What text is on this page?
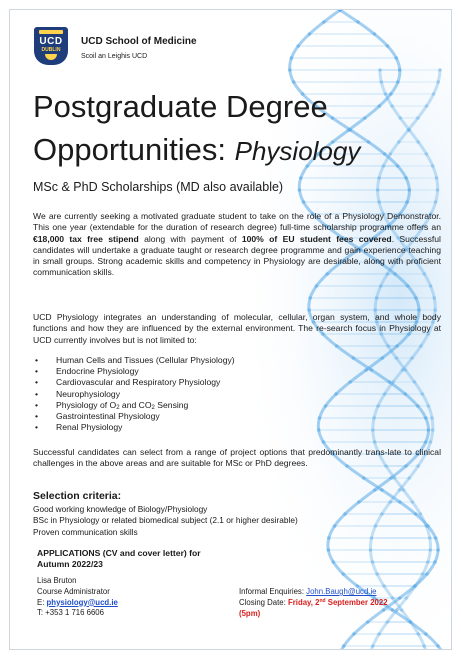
UCD
DUBLIN
UCD School of Medicine
Scoil an Leighis UCD
Postgraduate Degree
Opportunities: Physiology
MSc & PhD Scholarships (MD also available)
We are currently seeking a motivated graduate student to take on the role of a Physiology Demonstrator. This one year (extendable for the duration of research degree) full-time scholarship programme offers an €18,000 tax free stipend along with payment of 100% of EU student fees covered. Successful candidates will undertake a graduate taught or research degree programme and gain experience teaching in small groups. Strong academic skills and competency in Physiology are desirable, along with proficient communication skills.
UCD Physiology integrates an understanding of molecular, cellular, organ system, and whole body functions and how they are influenced by the external environment. The re-search focus in Physiology at UCD currently involves but is not limited to:
• Human Cells and Tissues (Cellular Physiology)
• Endocrine Physiology
• Cardiovascular and Respiratory Physiology
• Neurophysiology
• Physiology of $O_2$ and $CO_2$ Sensing
• Gastrointestinal Physiology
• Renal Physiology
Successful candidates can select from a range of project options that predominantly trans-late to clinical challenges in the above areas and are suitable for MSc or PhD degrees.
Selection criteria:
Good working knowledge of Biology/Physiology
BSc in Physiology or related biomedical subject (2.1 or higher desirable)
Proven communication skills
APPLICATIONS (CV and cover letter) for
Autumn 2022/23
Lisa Bruton
Course Administrator
E: physiology@ucd.ie
T: +353 1 716 6606
Informal Enquiries: John.Baugh@ucd.ie
Closing Date: Friday, 2nd September 2022
(5pm)
